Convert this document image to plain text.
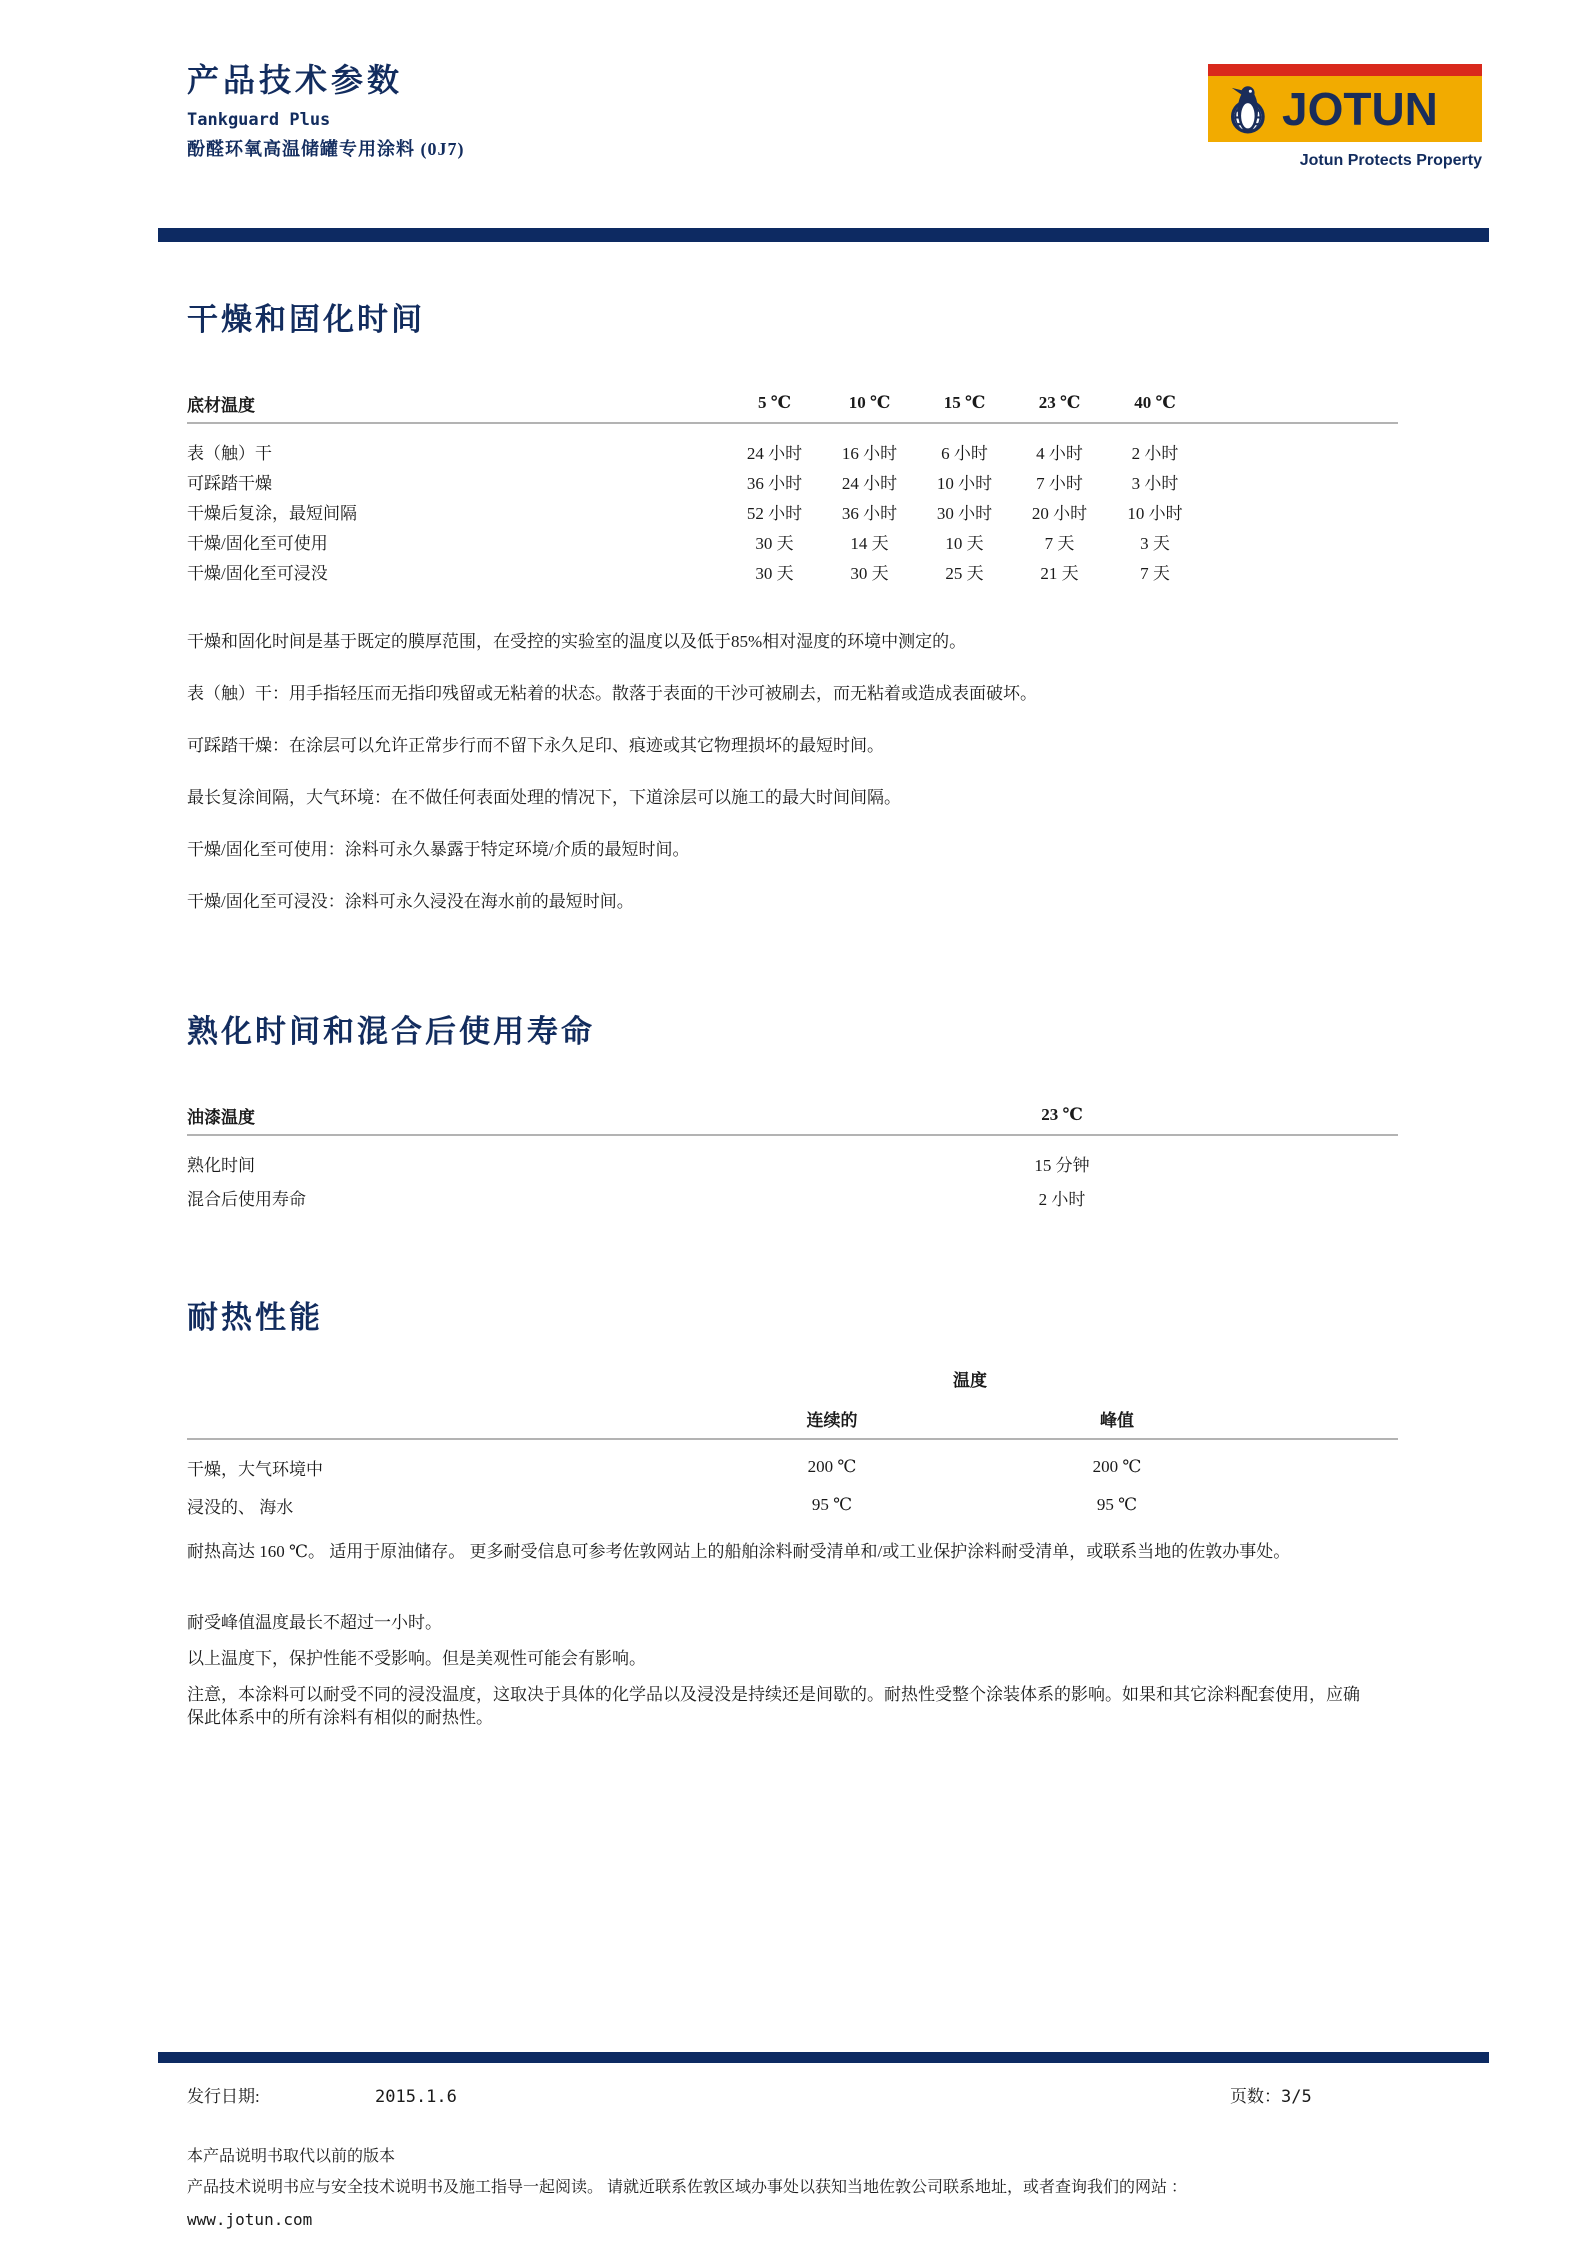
产品技术参数
Tankguard Plus
酚醛环氧高温储罐专用涂料 (0J7)
JOTUN
Jotun Protects Property
干燥和固化时间
底材温度	5 ℃	10 ℃	15 ℃	23 ℃	40 ℃
表（触）干	24 小时	16 小时	6 小时	4 小时	2 小时
可踩踏干燥	36 小时	24 小时	10 小时	7 小时	3 小时
干燥后复涂，最短间隔	52 小时	36 小时	30 小时	20 小时	10 小时
干燥/固化至可使用	30 天	14 天	10 天	7 天	3 天
干燥/固化至可浸没	30 天	30 天	25 天	21 天	7 天

干燥和固化时间是基于既定的膜厚范围，在受控的实验室的温度以及低于85%相对湿度的环境中测定的。

表（触）干：用手指轻压而无指印残留或无粘着的状态。散落于表面的干沙可被刷去，而无粘着或造成表面破坏。

可踩踏干燥：在涂层可以允许正常步行而不留下永久足印、痕迹或其它物理损坏的最短时间。

最长复涂间隔，大气环境：在不做任何表面处理的情况下，下道涂层可以施工的最大时间间隔。

干燥/固化至可使用：涂料可永久暴露于特定环境/介质的最短时间。

干燥/固化至可浸没：涂料可永久浸没在海水前的最短时间。

熟化时间和混合后使用寿命
油漆温度	23 ℃
熟化时间	15 分钟
混合后使用寿命	2 小时
耐热性能
温度
连续的	峰值
干燥，大气环境中	200 ℃	200 ℃
浸没的、 海水	95 ℃	95 ℃

耐热高达 160 ℃。 适用于原油储存。 更多耐受信息可参考佐敦网站上的船舶涂料耐受清单和/或工业保护涂料耐受清单，或联系当地的佐敦办事处。

耐受峰值温度最长不超过一小时。

以上温度下，保护性能不受影响。但是美观性可能会有影响。

注意，本涂料可以耐受不同的浸没温度，这取决于具体的化学品以及浸没是持续还是间歇的。耐热性受整个涂装体系的影响。如果和其它涂料配套使用，应确保此体系中的所有涂料有相似的耐热性。

发行日期:	2015.1.6	页数：3/5
本产品说明书取代以前的版本
产品技术说明书应与安全技术说明书及施工指导一起阅读。 请就近联系佐敦区域办事处以获知当地佐敦公司联系地址，或者查询我们的网站 ：
www.jotun.com
